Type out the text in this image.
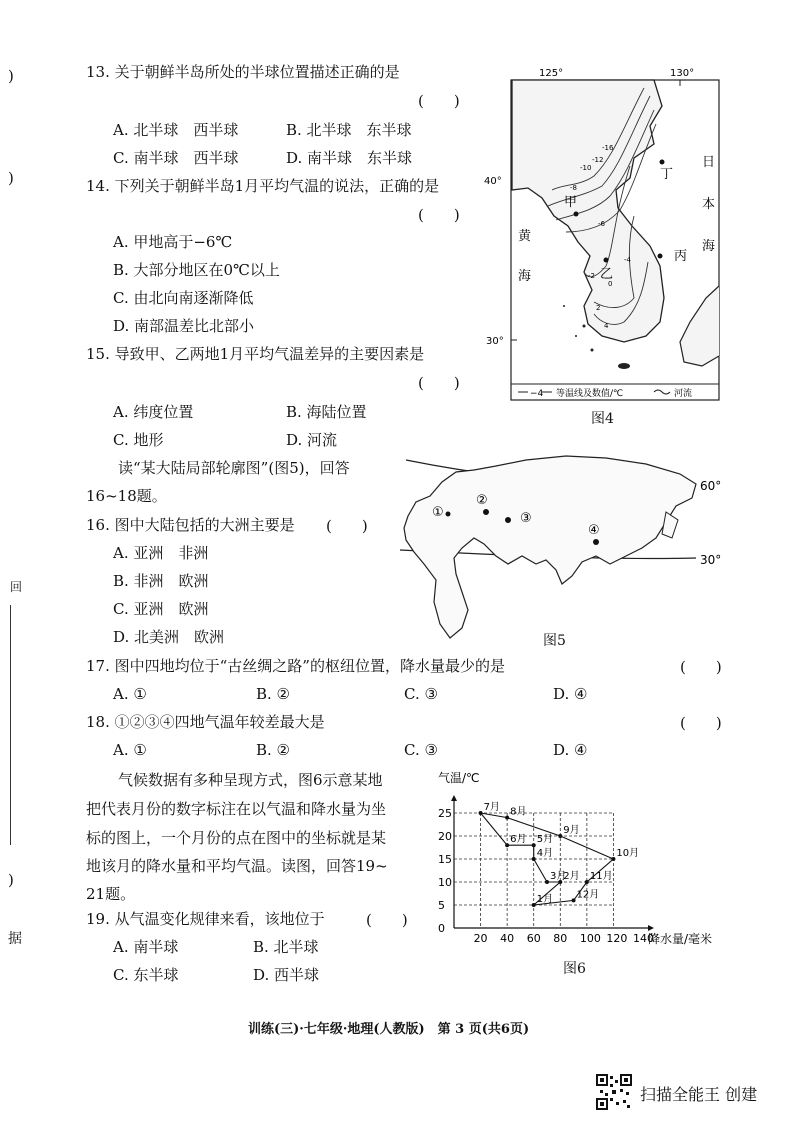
)
)
回
)
据
13. 关于朝鲜半岛所处的半球位置描述正确的是
(　　)
A. 北半球　西半球	B. 北半球　东半球
C. 南半球　西半球	D. 南半球　东半球
14. 下列关于朝鲜半岛1月平均气温的说法，正确的是
(　　)
A. 甲地高于−6℃
B. 大部分地区在0℃以上
C. 由北向南逐渐降低
D. 南部温差比北部小
15. 导致甲、乙两地1月平均气温差异的主要因素是
(　　)
A. 纬度位置	B. 海陆位置
C. 地形	D. 河流
读“某大陆局部轮廓图”(图5)，回答
16~18题。
16. 图中大陆包括的大洲主要是 (　　)
A. 亚洲　非洲
B. 非洲　欧洲
C. 亚洲　欧洲
D. 北美洲　欧洲
17. 图中四地均位于“古丝绸之路”的枢纽位置，降水量最少的是	(　　)
A. ①	B. ②	C. ③	D. ④
18. ①②③④四地气温年较差最大是	(　　)
A. ①	B. ②	C. ③	D. ④
气候数据有多种呈现方式，图6示意某地
把代表月份的数字标注在以气温和降水量为坐
标的图上，一个月份的点在图中的坐标就是某
地该月的降水量和平均气温。读图，回答19~
21题。
19. 从气温变化规律来看，该地位于	(　　)
A. 南半球	B. 北半球
C. 东半球	D. 西半球
125°	130°
40°
30°
-16
-12
-10
-8
-6
-4
0
-2
2
4
甲
乙
丙
丁
日
本
海
黄
海
−4 等温线及数值/℃	河流
图4
60°
30°
①
②
③
④
图5
气温/℃
降水量/毫米
20 40 60 80 100 120 140
0
5
10
15
20
25
1月
2月
3月
4月
5月
6月
7月 8月
9月
10月
11月
12月
图6
训练(三)·七年级·地理(人教版)　第 3 页(共6页)
扫描全能王 创建
